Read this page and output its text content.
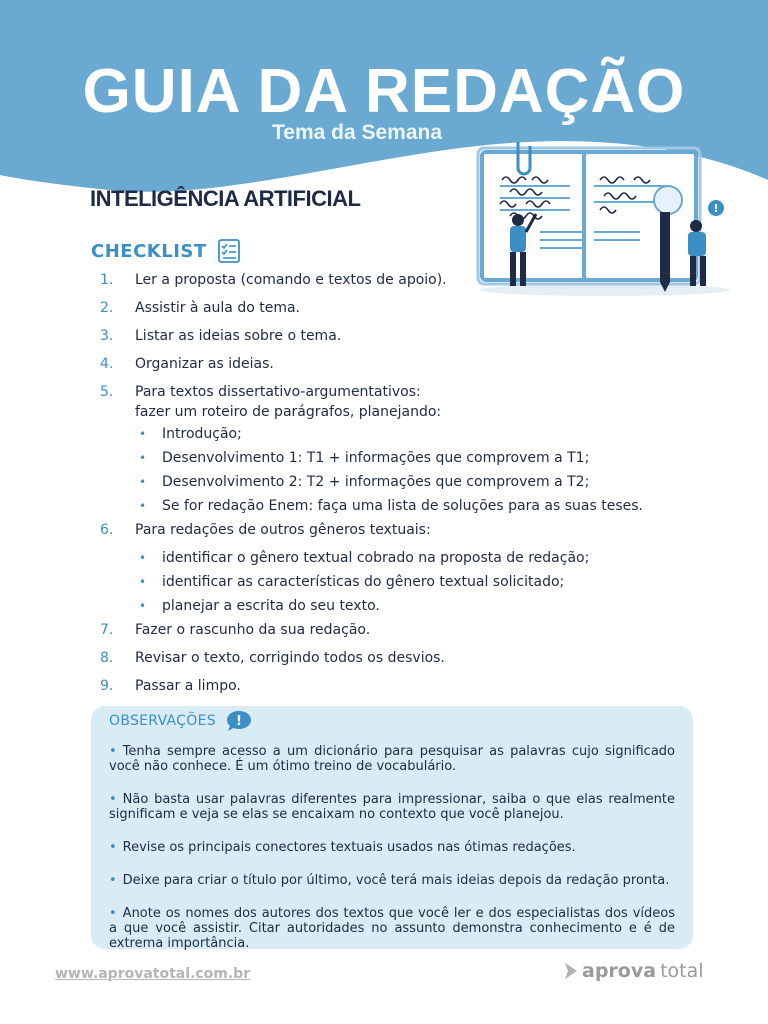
GUIA DA REDAÇÃO
Tema da Semana
!
INTELIGÊNCIA ARTIFICIAL
CHECKLIST
1. Ler a proposta (comando e textos de apoio).
2. Assistir à aula do tema.
3. Listar as ideias sobre o tema.
4. Organizar as ideias.
5. Para textos dissertativo-argumentativos:
fazer um roteiro de parágrafos, planejando:
• Introdução;
• Desenvolvimento 1: T1 + informações que comprovem a T1;
• Desenvolvimento 2: T2 + informações que comprovem a T2;
• Se for redação Enem: faça uma lista de soluções para as suas teses.
6. Para redações de outros gêneros textuais:
• identificar o gênero textual cobrado na proposta de redação;
• identificar as características do gênero textual solicitado;
• planejar a escrita do seu texto.
7. Fazer o rascunho da sua redação.
8. Revisar o texto, corrigindo todos os desvios.
9. Passar a limpo.
OBSERVAÇÕES !
• Tenha sempre acesso a um dicionário para pesquisar as palavras cujo significado você não conhece. É um ótimo treino de vocabulário.
• Não basta usar palavras diferentes para impressionar, saiba o que elas realmente significam e veja se elas se encaixam no contexto que você planejou.
• Revise os principais conectores textuais usados nas ótimas redações.
• Deixe para criar o título por último, você terá mais ideias depois da redação pronta.
• Anote os nomes dos autores dos textos que você ler e dos especialistas dos vídeos a que você assistir. Citar autoridades no assunto demonstra conhecimento e é de extrema importância.
www.aprovatotal.com.br	aprova total
